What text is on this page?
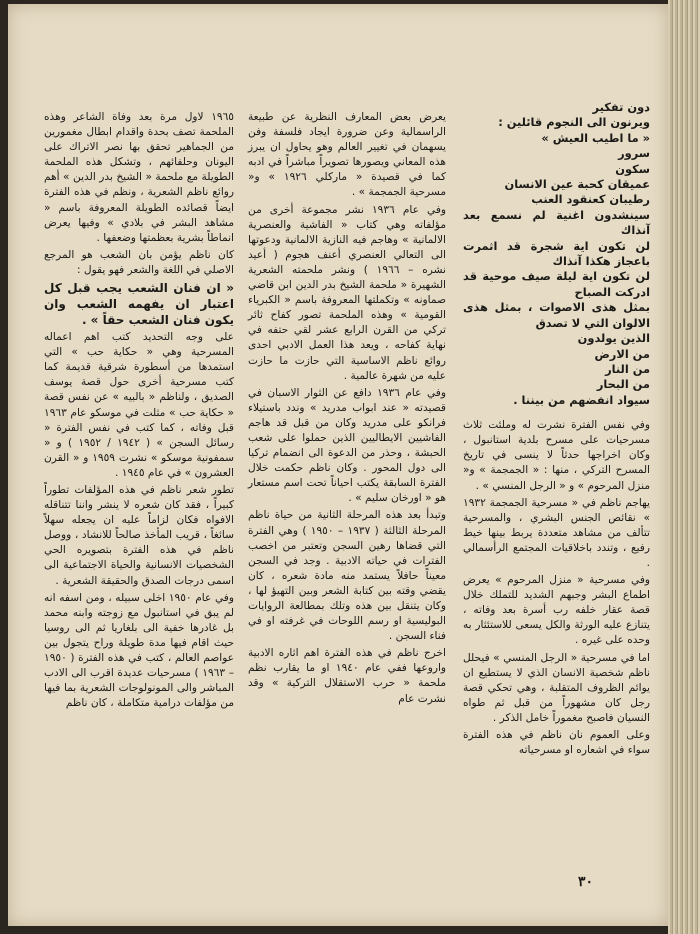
دون تفكير
ويرنون الى النجوم قائلين :
« ما اطيب العيش »
سرور
سكون
عميقان كحبة عين الانسان
رطيبان كعنقود العنب
سينشدون اغنية لم نسمع بعد آنذاك
لن تكون اية شجرة قد اثمرت باعجاز هكذا آنذاك
لن تكون اية ليلة صيف موحية قد ادركت الصباح
بمثل هذى الاصوات ، بمثل هذى الالوان التي لا تصدق
الذين يولدون
من الارض
من النار
من البحار
سيواد انفضهم من بيننا .

وفي نفس الفترة نشرت له وملئت ثلاث مسرحيات على مسرح بلدية استانبول ، وكان اخراجها حدثاً لا ينسى في تاريخ المسرح التركي ، منها : « الجمجمة » و« منزل المرحوم » و « الرجل المنسي » .

يهاجم ناظم في « مسرحية الجمجمة ١٩٣٢ » نقائص الجنس البشري ، والمسرحية تتألف من مشاهد متعددة يربط بينها خيط رفيع ، وتندد باخلاقيات المجتمع الرأسمالي .

وفي مسرحية « منزل المرحوم » يعرض اطماع البشر وجبهم الشديد للتملك خلال قصة عقار خلفه رب أسرة بعد وفاته ، يتنازع عليه الورثة والكل يسعى للاستئثار به وحده على غيره .

اما في مسرحية « الرجل المنسي » فيحلل ناظم شخصية الانسان الذي لا يستطيع ان يوائم الظروف المتقلبة ، وهي تحكي قصة رجل كان مشهوراً من قبل ثم طواه النسيان فاصبح مغموراً خامل الذكر .

وعلى العموم نان ناظم في هذه الفترة سواء في اشعاره او مسرحياته

يعرض بعض المعارف النظرية عن طبيعة الراسمالية وعن ضرورة ايجاد فلسفة وفن يسهمان في تغيير العالم وهو يحاول ان يبرز هذه المعاني ويصورها تصويراً مباشراً في ادبه كما في قصيدة « ماركلي ١٩٢٦ » و« مسرحية الجمجمة » .

وفي عام ١٩٣٦ نشر مجموعة أخرى من مؤلفاته وهي كتاب « الفاشية والعنصرية الالمانية » وهاجم فيه النازية الالمانية ودعوتها الى التعالي العنصري أعنف هجوم ( أعيد نشره – ١٩٦٦ ) ونشر ملحمته الشعرية الشهيرة « ملحمة الشيخ بدر الدين ابن قاضي صماونه » وتكملتها المعروفة باسم « الكبرياء القومية » وهذه الملحمة تصور كفاح ثائر تركي من القرن الرابع عشر لقي حتفه في نهاية كفاحه ، ويعد هذا العمل الادبي احدى روائع ناظم الاساسية التي حازت ما حازت عليه من شهرة عالمية .

وفي عام ١٩٣٦ دافع عن الثوار الاسبان في قصيدته « عند ابواب مدريد » وندد باستيلاء فرانكو على مدريد وكان من قبل قد هاجم الفاشيين الايطاليين الذين حملوا على شعب الحبشة ، وحذر من الدعوة الى انضمام تركيا الى دول المحور . وكان ناظم حكمت خلال الفترة السابقة يكتب احياناً تحت اسم مستعار هو « اورخان سليم » .

وتبدأ بعد هذه المرحلة الثانية من حياة ناظم المرحلة الثالثة ( ١٩٣٧ – ١٩٥٠ ) وهي الفترة التي قضاها رهين السجن وتعتبر من اخصب الفترات في حياته الادبية . وجد في السجن معيناً حافلاً يستمد منه مادة شعره ، كان يقضي وقته بين كتابة الشعر وبين التهيؤ لها ، وكان يتنقل بين هذه وتلك بمطالعة الروايات البوليسية او رسم اللوحات في غرفته او في فناء السجن .

اخرج ناظم في هذه الفترة اهم اثاره الادبية واروعها ففي عام ١٩٤٠ او ما يقارب نظم ملحمة « حرب الاستقلال التركية » وقد نشرت عام

١٩٦٥ لاول مرة بعد وفاة الشاعر وهذه الملحمة تصف بحدة واقدام ابطال مغمورين من الجماهير تحقق بها نصر الاتراك على اليونان وحلفائهم ، وتشكل هذه الملحمة الطويلة مع ملحمة « الشيخ بدر الدين » أهم روائع ناظم الشعرية ، ونظم في هذه الفترة ايضاً قصائده الطويلة المعروفة باسم « مشاهد البشر في بلادي » وفيها يعرض انماطاً بشرية بعظمتها وضعفها .

كان ناظم يؤمن بان الشعب هو المرجع الاصلي في اللغة والشعر فهو يقول :

« ان فنان الشعب يجب قبل كل اعتبار ان يفهمه الشعب وان يكون فنان الشعب حقاً » .

على وجه التحديد كتب اهم اعماله المسرحية وهي « حكاية حب » التي استمدها من أسطورة شرقية قديمة كما كتب مسرحية أخرى حول قصة يوسف الصديق ، ولناظم « بالبيه » عن نفس قصة « حكاية حب » مثلت في موسكو عام ١٩٦٣ قبل وفاته ، كما كتب في نفس الفترة « رسائل السجن » ( ١٩٤٢ / ١٩٥٢ ) و « سمفونية موسكو » نشرت ١٩٥٩ و « القرن العشرون » في عام ١٩٤٥ .

تطور شعر ناظم في هذه المؤلفات تطوراً كبيراً ، فقد كان شعره لا ينشر واننا تتناقله الافواه فكان لزاماً عليه ان يجعله سهلاً سائغاً ، قريب المأخذ صالحاً للانشاد ، ووصل ناظم في هذه الفترة بتصويره الحي الشخصيات الانسانية والحياة الاجتماعية الى اسمى درجات الصدق والحقيقة الشعرية .

وفي عام ١٩٥٠ اخلى سبيله ، ومن اسفه انه لم يبق في استانبول مع زوجته وابنه محمد بل غادرها خفية الى بلغاريا ثم الى روسيا حيث اقام فيها مدة طويلة وراح يتجول بين عواصم العالم ، كتب في هذه الفترة ( ١٩٥٠ – ١٩٦٣ ) مسرحيات عديدة اقرب الى الادب المباشر والى المونولوجات الشعرية بما فيها من مؤلفات درامية متكاملة ، كان ناظم

٣٠
